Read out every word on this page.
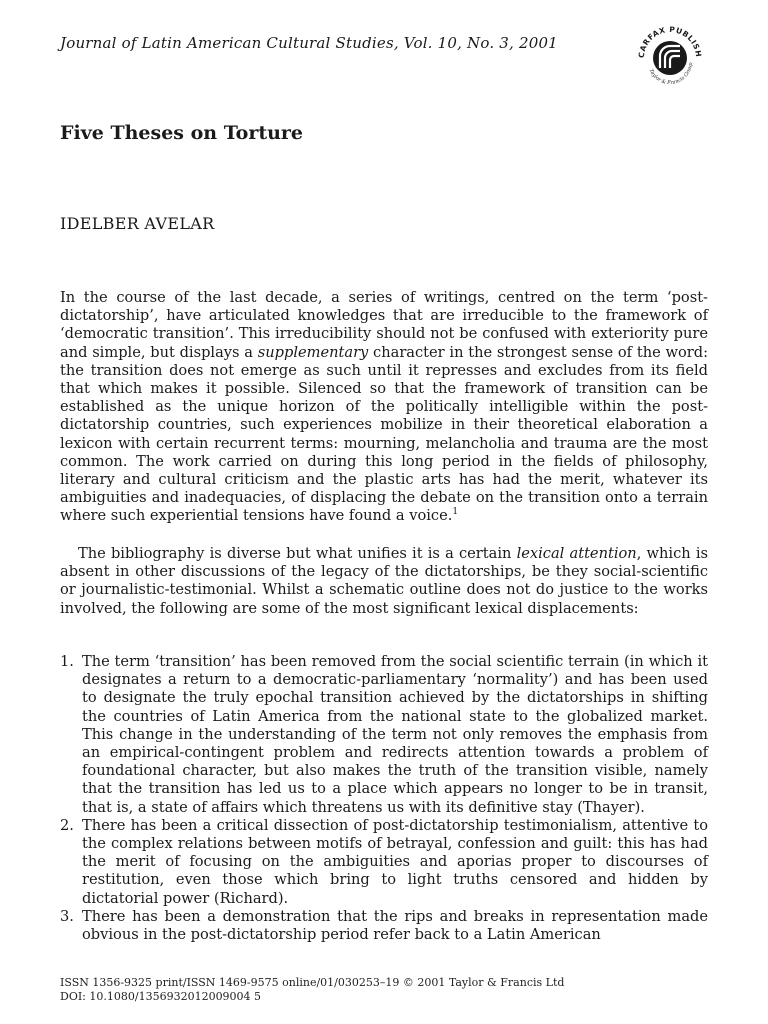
Journal of Latin American Cultural Studies, Vol. 10, No. 3, 2001
CARFAX PUBLISH
Taylor & Francis Group
Five Theses on Torture
IDELBER AVELAR
In the course of the last decade, a series of writings, centred on the term ‘post-dictatorship’, have articulated knowledges that are irreducible to the framework of ‘democratic transition’. This irreducibility should not be confused with exteriority pure and simple, but displays a supplementary character in the strongest sense of the word: the transition does not emerge as such until it represses and excludes from its field that which makes it possible. Silenced so that the framework of transition can be established as the unique horizon of the politically intelligible within the post-dictatorship countries, such experiences mobilize in their theoretical elaboration a lexicon with certain recurrent terms: mourning, melancholia and trauma are the most common. The work carried on during this long period in the fields of philosophy, literary and cultural criticism and the plastic arts has had the merit, whatever its ambiguities and inadequacies, of displacing the debate on the transition onto a terrain where such experiential tensions have found a voice.$^1$
The bibliography is diverse but what unifies it is a certain lexical attention, which is absent in other discussions of the legacy of the dictatorships, be they social-scientific or journalistic-testimonial. Whilst a schematic outline does not do justice to the works involved, the following are some of the most significant lexical displacements:
1. The term ‘transition’ has been removed from the social scientific terrain (in which it designates a return to a democratic-parliamentary ‘normality’) and has been used to designate the truly epochal transition achieved by the dictatorships in shifting the countries of Latin America from the national state to the globalized market. This change in the understanding of the term not only removes the emphasis from an empirical-contingent problem and redirects attention towards a problem of foundational character, but also makes the truth of the transition visible, namely that the transition has led us to a place which appears no longer to be in transit, that is, a state of affairs which threatens us with its definitive stay (Thayer).
2. There has been a critical dissection of post-dictatorship testimonialism, attentive to the complex relations between motifs of betrayal, confession and guilt: this has had the merit of focusing on the ambiguities and aporias proper to discourses of restitution, even those which bring to light truths censored and hidden by dictatorial power (Richard).
3. There has been a demonstration that the rips and breaks in representation made obvious in the post-dictatorship period refer back to a Latin American
ISSN 1356-9325 print/ISSN 1469-9575 online/01/030253–19 © 2001 Taylor & Francis Ltd
DOI: 10.1080/1356932012009004 5
